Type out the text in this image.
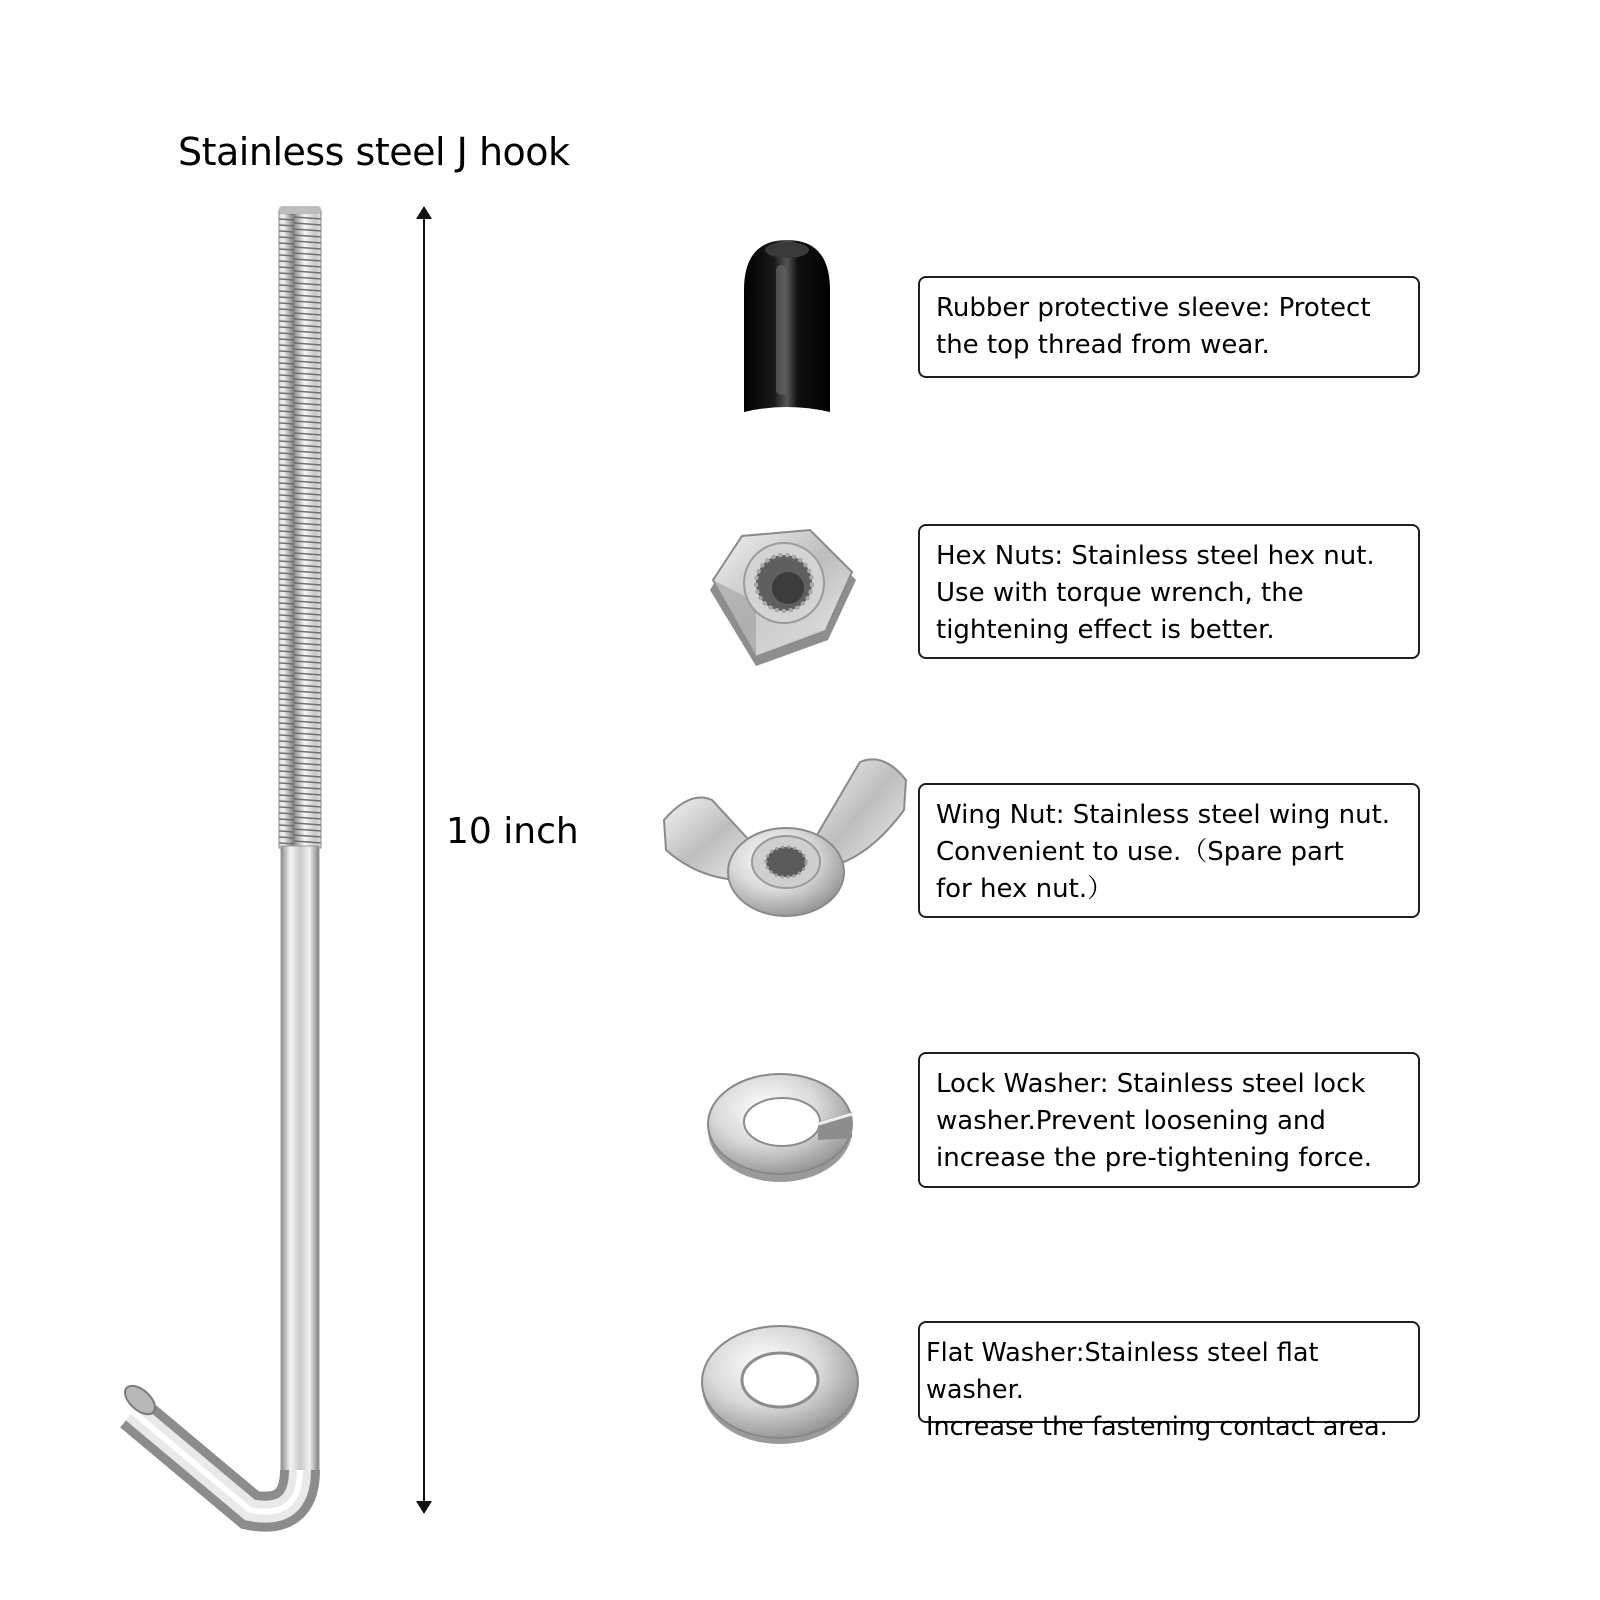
Stainless steel J hook
10 inch
Rubber protective sleeve: Protect
the top thread from wear.
Hex Nuts: Stainless steel hex nut.
Use with torque wrench, the
tightening effect is better.
Wing Nut: Stainless steel wing nut.
Convenient to use.（Spare part
for hex nut.）
Lock Washer: Stainless steel lock
washer.Prevent loosening and
increase the pre-tightening force.
Flat Washer:Stainless steel flat washer.
Increase the fastening contact area.
